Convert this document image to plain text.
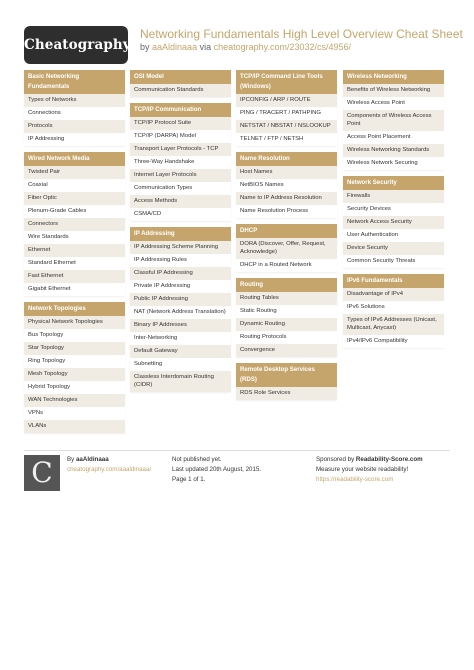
Cheatography
Networking Fundamentals High Level Overview Cheat Sheet
by aaAldinaaa via cheatography.com/23032/cs/4956/
Basic Networking Fundamentals
Types of Networks
Connections
Protocols
IP Addressing
Wired Network Media
Twisted Pair
Coaxial
Fiber Optic
Plenum-Grade Cables
Connectors
Wire Standards
Ethernet
Standard Ethernet
Fast Ethernet
Gigabit Ethernet
Network Topologies
Physical Network Topologies
Bus Topology
Star Topology
Ring Topology
Mesh Topology
Hybrid Topology
WAN Technologies
VPNs
VLANs
OSI Model
Communication Standards
TCP/IP Communication
TCP/IP Protocol Suite
TCP/IP (DARPA) Model
Transport Layer Protocols - TCP
Three-Way Handshake
Internet Layer Protocols
Communication Types
Access Methods
CSMA/CD
IP Addressing
IP Addressing Scheme Planning
IP Addressing Rules
Classful IP Addressing
Private IP Addressing
Public IP Addressing
NAT (Network Address Translation)
Binary IP Addresses
Inter-Networking
Default Gateway
Subnetting
Classless Interdomain Routing (CIDR)
TCP/IP Command Line Tools (Windows)
IPCONFIG / ARP / ROUTE
PING / TRACERT / PATHPING
NETSTAT / NBSTAT / NSLOOKUP
TELNET / FTP / NETSH
Name Resolution
Host Names
NetBIOS Names
Name to IP Address Resolution
Name Resolution Process
DHCP
DORA (Discover, Offer, Request, Acknowledge)
DHCP in a Routed Network
Routing
Routing Tables
Static Routing
Dynamic Routing
Routing Protocols
Convergence
Remote Desktop Services (RDS)
RDS Role Services
Wireless Networking
Benefits of Wireless Networking
Wireless Access Point
Components of Wireless Access Point
Access Point Placement
Wireless Networking Standards
Wireless Network Securing
Network Security
Firewalls
Security Devices
Network Access Security
User Authentication
Device Security
Common Security Threats
IPv6 Fundamentals
Disadvantage of IPv4
IPv6 Solutions
Types of IPv6 Addresses (Unicast, Multicast, Anycast)
IPv4/IPv6 Compatibility
C By aaAldinaaa
cheatography.com/aaaldinaaa/
Not published yet.
Last updated 20th August, 2015.
Page 1 of 1.
Sponsored by Readability-Score.com
Measure your website readability!
https://readability-score.com
